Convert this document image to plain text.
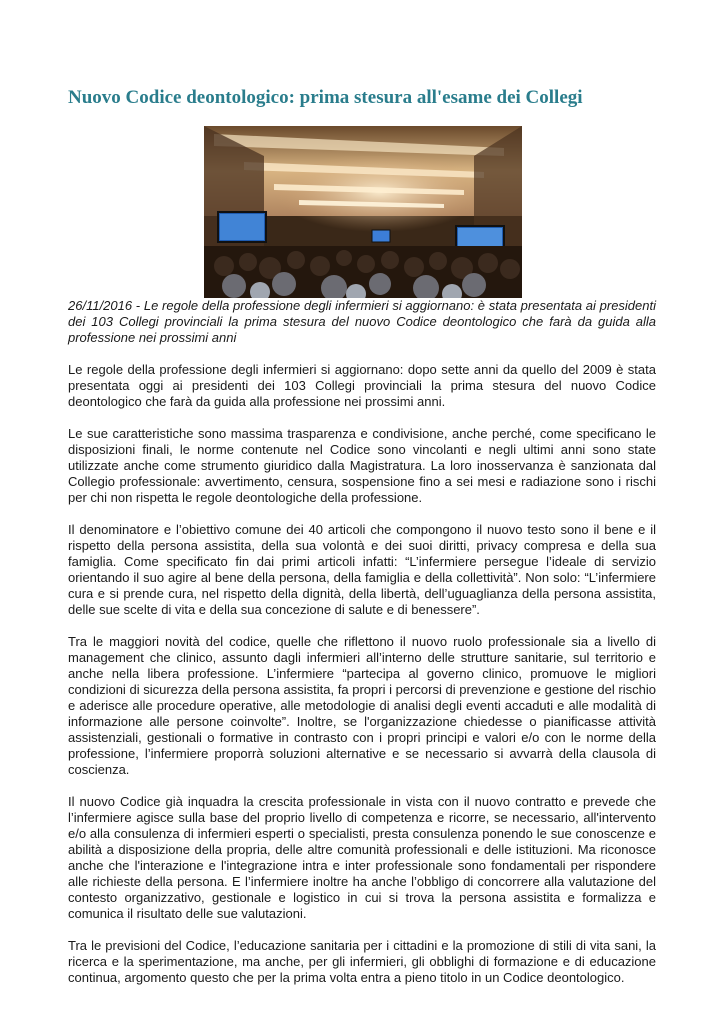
Nuovo Codice deontologico: prima stesura all'esame dei Collegi

26/11/2016 - Le regole della professione degli infermieri si aggiornano: è stata presentata ai presidenti dei 103 Collegi provinciali la prima stesura del nuovo Codice deontologico che farà da guida alla professione nei prossimi anni

Le regole della professione degli infermieri si aggiornano: dopo sette anni da quello del 2009 è stata presentata oggi ai presidenti dei 103 Collegi provinciali la prima stesura del nuovo Codice deontologico che farà da guida alla professione nei prossimi anni.

Le sue caratteristiche sono massima trasparenza e condivisione, anche perché, come specificano le disposizioni finali, le norme contenute nel Codice sono vincolanti e negli ultimi anni sono state utilizzate anche come strumento giuridico dalla Magistratura. La loro inosservanza è sanzionata dal Collegio professionale: avvertimento, censura, sospensione fino a sei mesi e radiazione sono i rischi per chi non rispetta le regole deontologiche della professione.

Il denominatore e l’obiettivo comune dei 40 articoli che compongono il nuovo testo sono il bene e il rispetto della persona assistita, della sua volontà e dei suoi diritti, privacy compresa e della sua famiglia. Come specificato fin dai primi articoli infatti: “L’infermiere persegue l’ideale di servizio orientando il suo agire al bene della persona, della famiglia e della collettività”. Non solo: “L’infermiere cura e si prende cura, nel rispetto della dignità, della libertà, dell’uguaglianza della persona assistita, delle sue scelte di vita e della sua concezione di salute e di benessere”.

Tra le maggiori novità del codice, quelle che riflettono il nuovo ruolo professionale sia a livello di management che clinico, assunto dagli infermieri all’interno delle strutture sanitarie, sul territorio e anche nella libera professione. L’infermiere “partecipa al governo clinico, promuove le migliori condizioni di sicurezza della persona assistita, fa propri i percorsi di prevenzione e gestione del rischio e aderisce alle procedure operative, alle metodologie di analisi degli eventi accaduti e alle modalità di informazione alle persone coinvolte”. Inoltre, se l'organizzazione chiedesse o pianificasse attività assistenziali, gestionali o formative in contrasto con i propri principi e valori e/o con le norme della professione, l’infermiere proporrà soluzioni alternative e se necessario si avvarrà della clausola di coscienza.

Il nuovo Codice già inquadra la crescita professionale in vista con il nuovo contratto e prevede che l’infermiere agisce sulla base del proprio livello di competenza e ricorre, se necessario, all'intervento e/o alla consulenza di infermieri esperti o specialisti, presta consulenza ponendo le sue conoscenze e abilità a disposizione della propria, delle altre comunità professionali e delle istituzioni. Ma riconosce anche che l'interazione e l'integrazione intra e inter professionale sono fondamentali per rispondere alle richieste della persona. E l’infermiere inoltre ha anche l’obbligo di concorrere alla valutazione del contesto organizzativo, gestionale e logistico in cui si trova la persona assistita e formalizza e comunica il risultato delle sue valutazioni.

Tra le previsioni del Codice, l’educazione sanitaria per i cittadini e la promozione di stili di vita sani, la ricerca e la sperimentazione, ma anche, per gli infermieri, gli obblighi di formazione e di educazione continua, argomento questo che per la prima volta entra a pieno titolo in un Codice deontologico.
